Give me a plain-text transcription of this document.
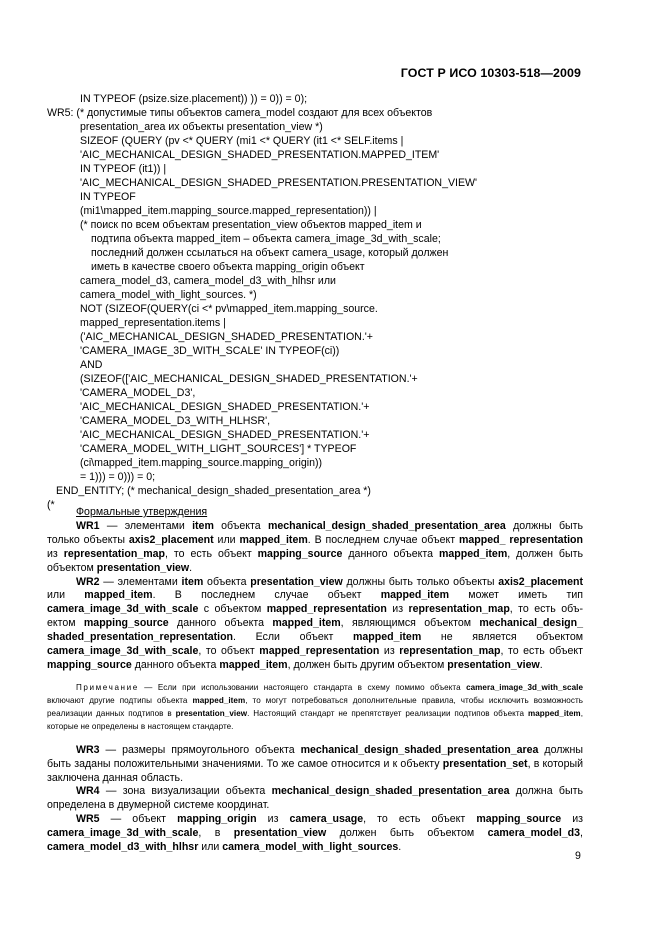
ГОСТ Р ИСО 10303-518—2009
IN TYPEOF (psize.size.placement)) )) = 0)) = 0);
WR5: (* допустимые типы объектов camera_model создают для всех объектов
presentation_area их объекты presentation_view *)
SIZEOF (QUERY (pv <* QUERY (mi1 <* QUERY (it1 <* SELF.items |
'AIC_MECHANICAL_DESIGN_SHADED_PRESENTATION.MAPPED_ITEM'
IN TYPEOF (it1)) |
'AIC_MECHANICAL_DESIGN_SHADED_PRESENTATION.PRESENTATION_VIEW'
IN TYPEOF
(mi1\mapped_item.mapping_source.mapped_representation)) |
(* поиск по всем объектам presentation_view объектов mapped_item и
подтипа объекта mapped_item – объекта camera_image_3d_with_scale;
последний должен ссылаться на объект camera_usage, который должен
иметь в качестве своего объекта mapping_origin объект
camera_model_d3, camera_model_d3_with_hlhsr или
camera_model_with_light_sources. *)
NOT (SIZEOF(QUERY(ci <* pv\mapped_item.mapping_source.
mapped_representation.items |
('AIC_MECHANICAL_DESIGN_SHADED_PRESENTATION.'+
'CAMERA_IMAGE_3D_WITH_SCALE' IN TYPEOF(ci))
AND
(SIZEOF(['AIC_MECHANICAL_DESIGN_SHADED_PRESENTATION.'+
'CAMERA_MODEL_D3',
'AIC_MECHANICAL_DESIGN_SHADED_PRESENTATION.'+
'CAMERA_MODEL_D3_WITH_HLHSR',
'AIC_MECHANICAL_DESIGN_SHADED_PRESENTATION.'+
'CAMERA_MODEL_WITH_LIGHT_SOURCES'] * TYPEOF
(ci\mapped_item.mapping_source.mapping_origin))
= 1))) = 0))) = 0;
END_ENTITY; (* mechanical_design_shaded_presentation_area *)
(*

Формальные утверждения

WR1 — элементами item объекта mechanical_design_shaded_presentation_area должны быть только объекты axis2_placement или mapped_item. В последнем случае объект mapped_ representation из representation_map, то есть объект mapping_source данного объекта mapped_item, должен быть объектом presentation_view.

WR2 — элементами item объекта presentation_view должны быть только объекты axis2_placement или mapped_item. В последнем случае объект mapped_item может иметь тип camera_image_3d_with_scale с объектом mapped_representation из representation_map, то есть объектом mapping_source данного объекта mapped_item, являющимся объектом mechanical_design_ shaded_presentation_representation. Если объект mapped_item не является объектом camera_image_3d_with_scale, то объект mapped_representation из representation_map, то есть объект mapping_source данного объекта mapped_item, должен быть другим объектом presentation_view.

Примечание — Если при использовании настоящего стандарта в схему помимо объекта camera_image_3d_with_scale включают другие подтипы объекта mapped_item, то могут потребоваться дополнительные правила, чтобы исключить возможность реализации данных подтипов в presentation_view. Настоящий стандарт не препятствует реализации подтипов объекта mapped_item, которые не определены в настоящем стандарте.

WR3 — размеры прямоугольного объекта mechanical_design_shaded_presentation_area должны быть заданы положительными значениями. То же самое относится и к объекту presentation_set, в который заключена данная область.

WR4 — зона визуализации объекта mechanical_design_shaded_presentation_area должна быть определена в двумерной системе координат.

WR5 — объект mapping_origin из camera_usage, то есть объект mapping_source из camera_image_3d_with_scale, в presentation_view должен быть объектом camera_model_d3, camera_model_d3_with_hlhsr или camera_model_with_light_sources.

9
